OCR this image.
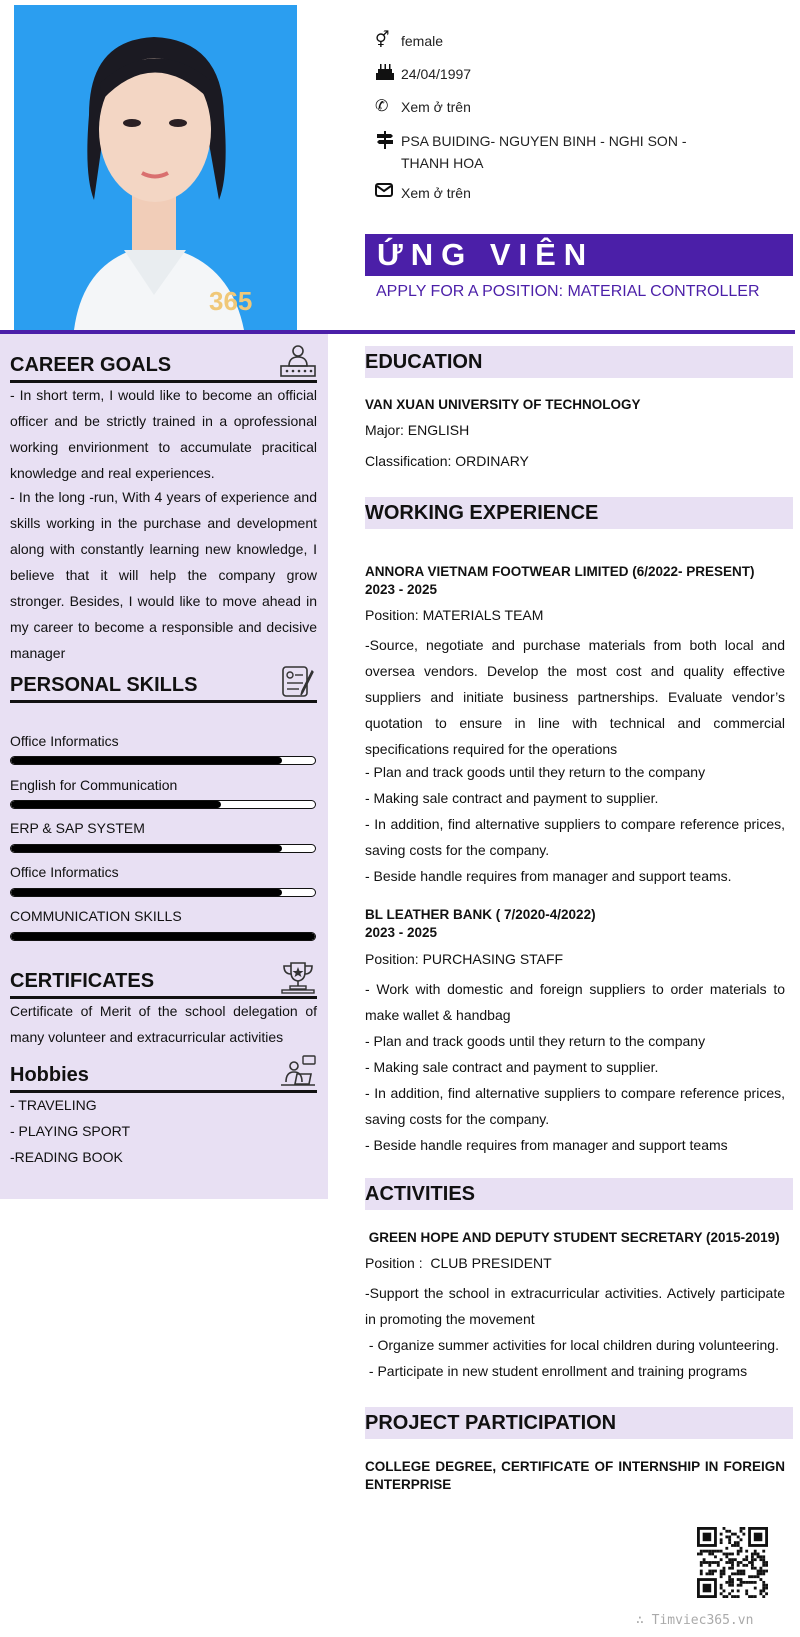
365
⚥ female
24/04/1997
✆ Xem ở trên
PSA BUIDING- NGUYEN BINH - NGHI SON - THANH HOA
Xem ở trên
ỨNG VIÊN
APPLY FOR A POSITION: MATERIAL CONTROLLER
CAREER GOALS
- In short term, I would like to become an official officer and be strictly trained in a oprofessional working envirionment to accumulate pracitical knowledge and real experiences.
- In the long -run, With 4 years of experience and skills working in the purchase and development along with constantly learning new knowledge, I believe that it will help the company grow stronger. Besides, I would like to move ahead in my career to become a responsible and decisive manager
PERSONAL SKILLS
Office Informatics
English for Communication
ERP & SAP SYSTEM
Office Informatics
COMMUNICATION SKILLS
CERTIFICATES
Certificate of Merit of the school delegation of many volunteer and extracurricular activities
Hobbies
- TRAVELING
- PLAYING SPORT
-READING BOOK
EDUCATION
VAN XUAN UNIVERSITY OF TECHNOLOGY
Major: ENGLISH
Classification: ORDINARY
WORKING EXPERIENCE
ANNORA VIETNAM FOOTWEAR LIMITED (6/2022- PRESENT)
2023 - 2025
Position: MATERIALS TEAM
-Source, negotiate and purchase materials from both local and oversea vendors. Develop the most cost and quality effective suppliers and initiate business partnerships. Evaluate vendor’s quotation to ensure in line with technical and commercial specifications required for the operations
- Plan and track goods until they return to the company
- Making sale contract and payment to supplier.
- In addition, find alternative suppliers to compare reference prices, saving costs for the company.
- Beside handle requires from manager and support teams.
BL LEATHER BANK ( 7/2020-4/2022)
2023 - 2025
Position: PURCHASING STAFF
- Work with domestic and foreign suppliers to order materials to make wallet & handbag
- Plan and track goods until they return to the company
- Making sale contract and payment to supplier.
- In addition, find alternative suppliers to compare reference prices, saving costs for the company.
- Beside handle requires from manager and support teams
ACTIVITIES
GREEN HOPE AND DEPUTY STUDENT SECRETARY (2015-2019)
Position :  CLUB PRESIDENT
-Support the school in extracurricular activities. Actively participate in promoting the movement
- Organize summer activities for local children during volunteering.
- Participate in new student enrollment and training programs
PROJECT PARTICIPATION
COLLEGE DEGREE, CERTIFICATE OF INTERNSHIP IN FOREIGN ENTERPRISE
∴ Timviec365.vn
